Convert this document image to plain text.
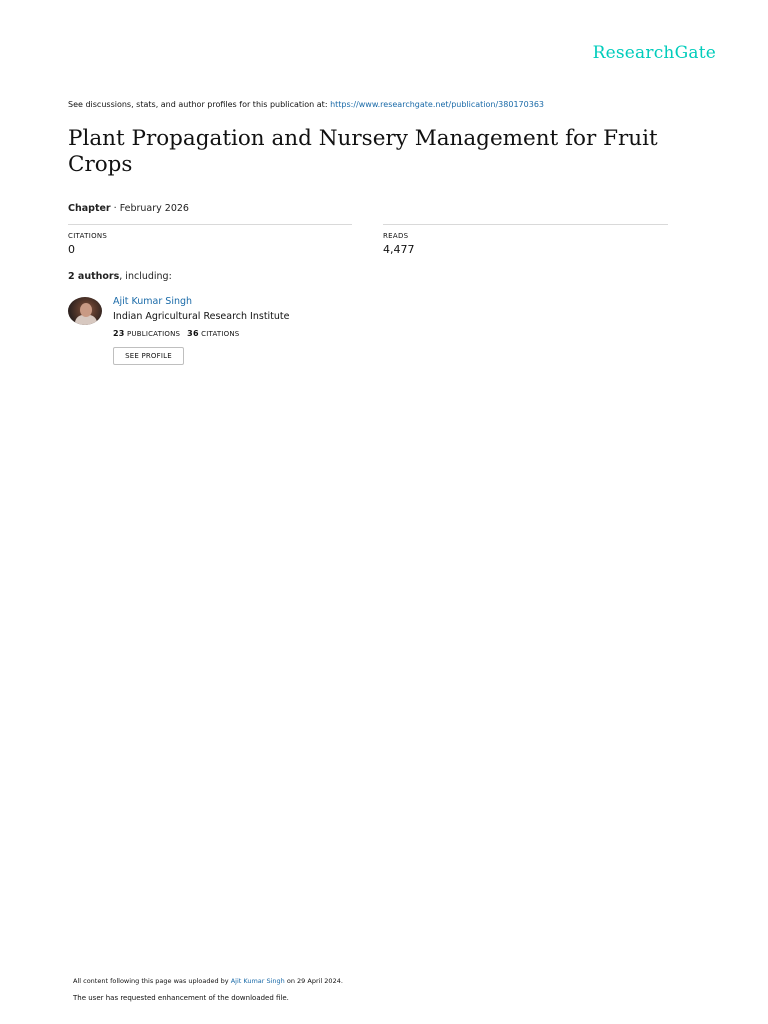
ResearchGate
See discussions, stats, and author profiles for this publication at: https://www.researchgate.net/publication/380170363
Plant Propagation and Nursery Management for Fruit Crops
Chapter · February 2026
CITATIONS
0
READS
4,477
2 authors, including:
Ajit Kumar Singh
Indian Agricultural Research Institute
23 PUBLICATIONS 36 CITATIONS
SEE PROFILE
All content following this page was uploaded by Ajit Kumar Singh on 29 April 2024.
The user has requested enhancement of the downloaded file.
